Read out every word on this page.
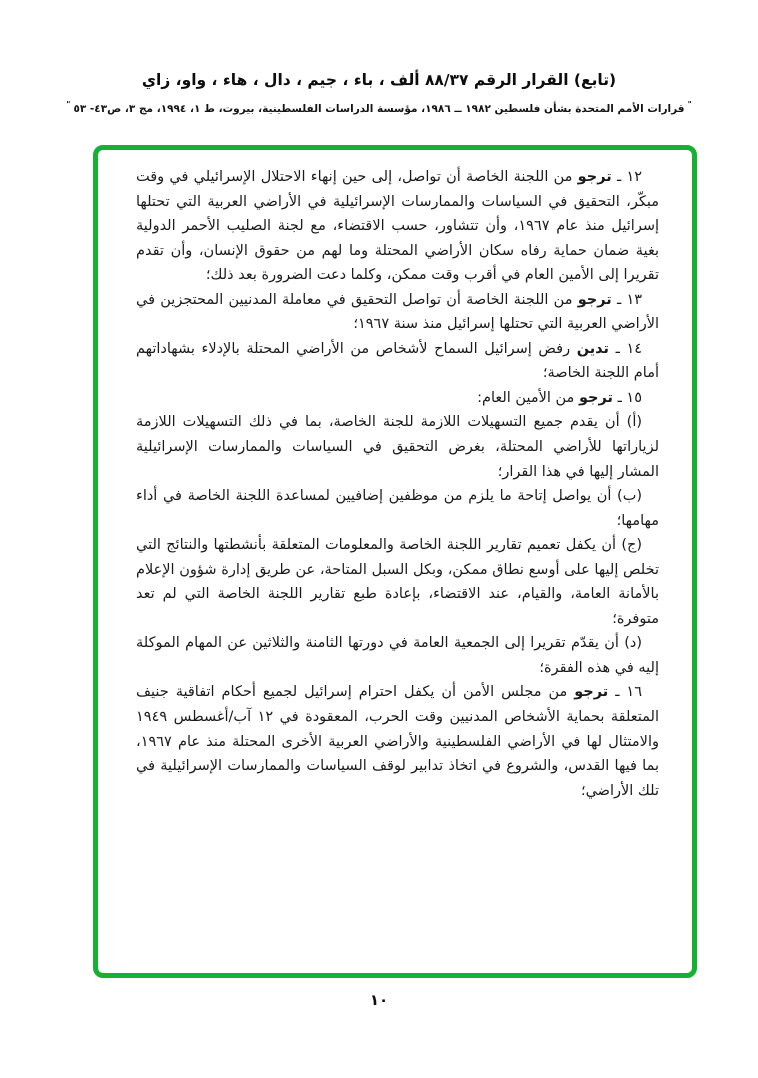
(تابع) القرار الرقم ٨٨/٣٧ ألف ، باء ، جيم ، دال ، هاء ، واو، زاي
"قرارات الأمم المتحدة بشأن فلسطين ١٩٨٢ ــ ١٩٨٦، مؤسسة الدراسات الفلسطينية، بيروت، ط ١، ١٩٩٤، مج ٣، ص٤٣- ٥٣"

١٢ ـ ترجو من اللجنة الخاصة أن تواصل، إلى حين إنهاء الاحتلال الإسرائيلي في وقت مبكّر، التحقيق في السياسات والممارسات الإسرائيلية في الأراضي العربية التي تحتلها إسرائيل منذ عام ١٩٦٧، وأن تتشاور، حسب الاقتضاء، مع لجنة الصليب الأحمر الدولية بغية ضمان حماية رفاه سكان الأراضي المحتلة وما لهم من حقوق الإنسان، وأن تقدم تقريرا إلى الأمين العام في أقرب وقت ممكن، وكلما دعت الضرورة بعد ذلك؛

١٣ ـ ترجو من اللجنة الخاصة أن تواصل التحقيق في معاملة المدنيين المحتجزين في الأراضي العربية التي تحتلها إسرائيل منذ سنة ١٩٦٧؛

١٤ ـ تدين رفض إسرائيل السماح لأشخاص من الأراضي المحتلة بالإدلاء بشهاداتهم أمام اللجنة الخاصة؛

١٥ ـ ترجو من الأمين العام:

(أ) أن يقدم جميع التسهيلات اللازمة للجنة الخاصة، بما في ذلك التسهيلات اللازمة لزياراتها للأراضي المحتلة، بغرض التحقيق في السياسات والممارسات الإسرائيلية المشار إليها في هذا القرار؛

(ب) أن يواصل إتاحة ما يلزم من موظفين إضافيين لمساعدة اللجنة الخاصة في أداء مهامها؛

(ج) أن يكفل تعميم تقارير اللجنة الخاصة والمعلومات المتعلقة بأنشطتها والنتائج التي تخلص إليها على أوسع نطاق ممكن، وبكل السبل المتاحة، عن طريق إدارة شؤون الإعلام بالأمانة العامة، والقيام، عند الاقتضاء، بإعادة طبع تقارير اللجنة الخاصة التي لم تعد متوفرة؛

(د) أن يقدّم تقريرا إلى الجمعية العامة في دورتها الثامنة والثلاثين عن المهام الموكلة إليه في هذه الفقرة؛

١٦ ـ ترجو من مجلس الأمن أن يكفل احترام إسرائيل لجميع أحكام اتفاقية جنيف المتعلقة بحماية الأشخاص المدنيين وقت الحرب، المعقودة في ١٢ آب/أغسطس ١٩٤٩ والامتثال لها في الأراضي الفلسطينية والأراضي العربية الأخرى المحتلة منذ عام ١٩٦٧، بما فيها القدس، والشروع في اتخاذ تدابير لوقف السياسات والممارسات الإسرائيلية في تلك الأراضي؛

١٠
